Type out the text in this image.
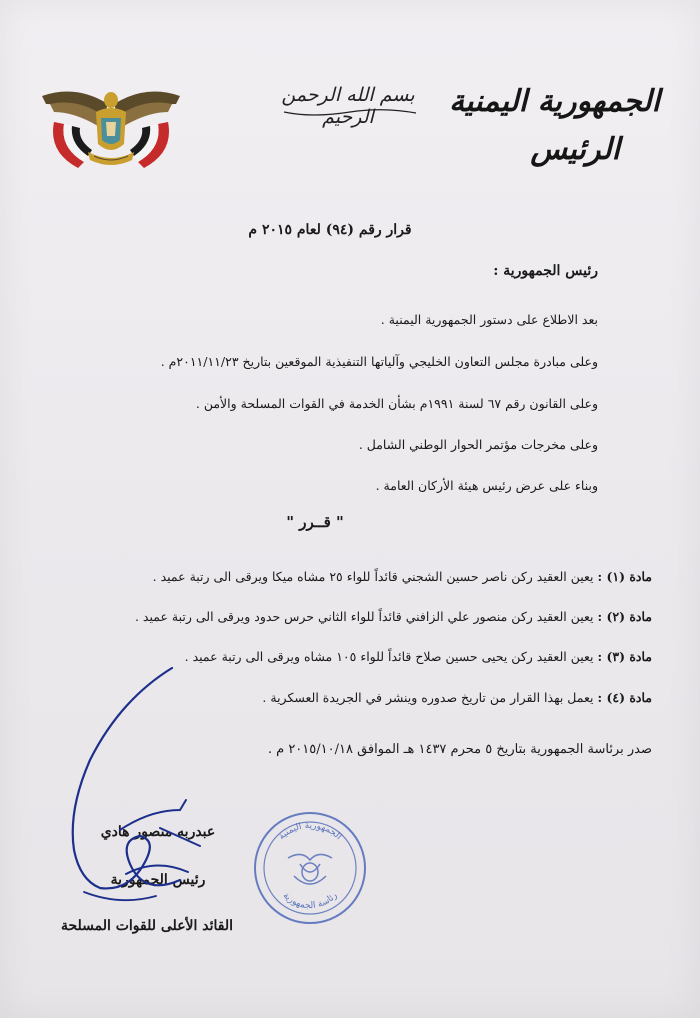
بسم الله الرحمن الرحيم	الجمهورية اليمنية
الرئيس
قرار رقم (٩٤) لعام ٢٠١٥ م
رئيس الجمهورية :
بعد الاطلاع على دستور الجمهورية اليمنية .
وعلى مبادرة مجلس التعاون الخليجي وآلياتها التنفيذية الموقعين بتاريخ ٢٠١١/١١/٢٣م .
وعلى القانون رقم ٦٧ لسنة ١٩٩١م بشأن الخدمة في القوات المسلحة والأمن .
وعلى مخرجات مؤتمر الحوار الوطني الشامل .
وبناء على عرض رئيس هيئة الأركان العامة .
" قــرر "
مادة (١) : يعين العقيد ركن ناصر حسين الشجني قائداً للواء ٢٥ مشاه ميكا ويرقى الى رتبة عميد .
مادة (٢) : يعين العقيد ركن منصور علي الزافني قائداً للواء الثاني حرس حدود ويرقى الى رتبة عميد .
مادة (٣) : يعين العقيد ركن يحيى حسين صلاح قائداً للواء ١٠٥ مشاه ويرقى الى رتبة عميد .
مادة (٤) : يعمل بهذا القرار من تاريخ صدوره وينشر في الجريدة العسكرية .
صدر برئاسة الجمهورية بتاريخ ٥ محرم ١٤٣٧ هـ الموافق ٢٠١٥/١٠/١٨ م .
عبدربه منصور هادي
رئيس الجمهورية
القائد الأعلى للقوات المسلحة
الجمهورية اليمنية
رئاسة الجمهورية
